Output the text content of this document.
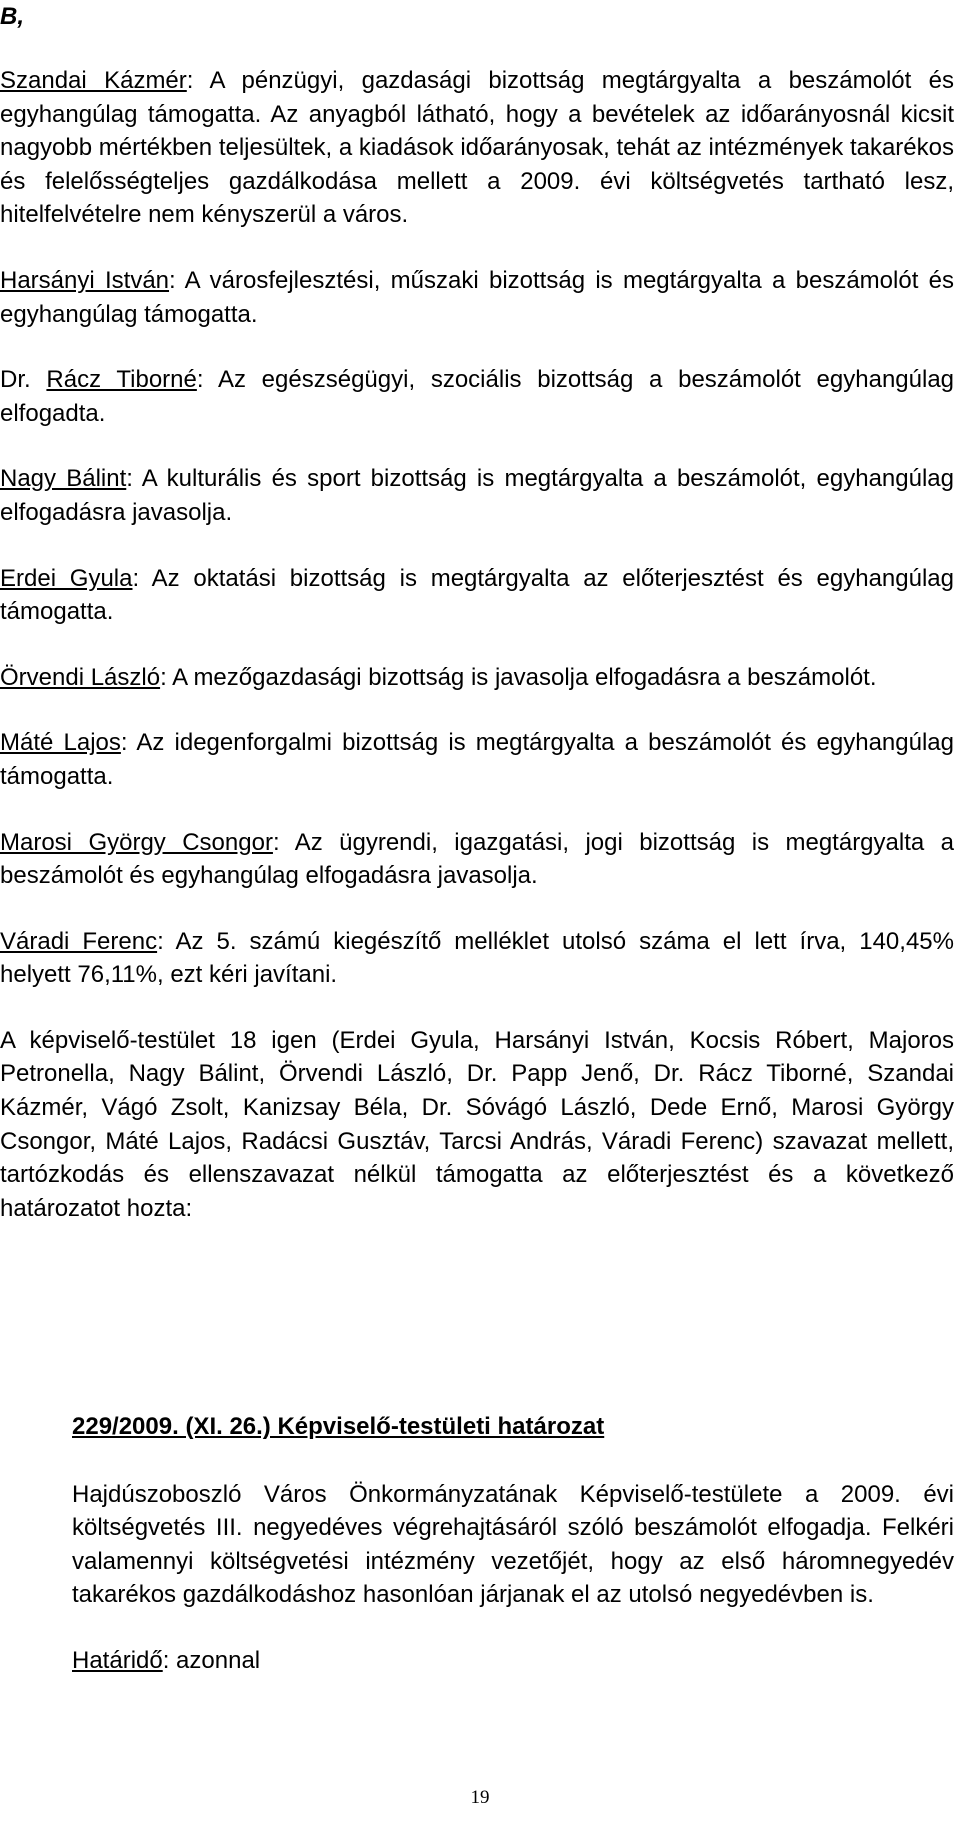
B,

Szandai Kázmér: A pénzügyi, gazdasági bizottság megtárgyalta a beszámolót és egyhangúlag támogatta. Az anyagból látható, hogy a bevételek az időarányosnál kicsit nagyobb mértékben teljesültek, a kiadások időarányosak, tehát az intézmények takarékos és felelősségteljes gazdálkodása mellett a 2009. évi költségvetés tartható lesz, hitelfelvételre nem kényszerül a város.

Harsányi István: A városfejlesztési, műszaki bizottság is megtárgyalta a beszámolót és egyhangúlag támogatta.

Dr. Rácz Tiborné: Az egészségügyi, szociális bizottság a beszámolót egyhangúlag elfogadta.

Nagy Bálint: A kulturális és sport bizottság is megtárgyalta a beszámolót, egyhangúlag elfogadásra javasolja.

Erdei Gyula: Az oktatási bizottság is megtárgyalta az előterjesztést és egyhangúlag támogatta.

Örvendi László: A mezőgazdasági bizottság is javasolja elfogadásra a beszámolót.

Máté Lajos: Az idegenforgalmi bizottság is megtárgyalta a beszámolót és egyhangúlag támogatta.

Marosi György Csongor: Az ügyrendi, igazgatási, jogi bizottság is megtárgyalta a beszámolót és egyhangúlag elfogadásra javasolja.

Váradi Ferenc: Az 5. számú kiegészítő melléklet utolsó száma el lett írva, 140,45% helyett 76,11%, ezt kéri javítani.

A képviselő-testület 18 igen (Erdei Gyula, Harsányi István, Kocsis Róbert, Majoros Petronella, Nagy Bálint, Örvendi László, Dr. Papp Jenő, Dr. Rácz Tiborné, Szandai Kázmér, Vágó Zsolt, Kanizsay Béla, Dr. Sóvágó László, Dede Ernő, Marosi György Csongor, Máté Lajos, Radácsi Gusztáv, Tarcsi András, Váradi Ferenc) szavazat mellett, tartózkodás és ellenszavazat nélkül támogatta az előterjesztést és a következő határozatot hozta:

229/2009. (XI. 26.) Képviselő-testületi határozat

Hajdúszoboszló Város Önkormányzatának Képviselő-testülete a 2009. évi költségvetés III. negyedéves végrehajtásáról szóló beszámolót elfogadja. Felkéri valamennyi költségvetési intézmény vezetőjét, hogy az első háromnegyedév takarékos gazdálkodáshoz hasonlóan járjanak el az utolsó negyedévben is.

Határidő: azonnal

19
